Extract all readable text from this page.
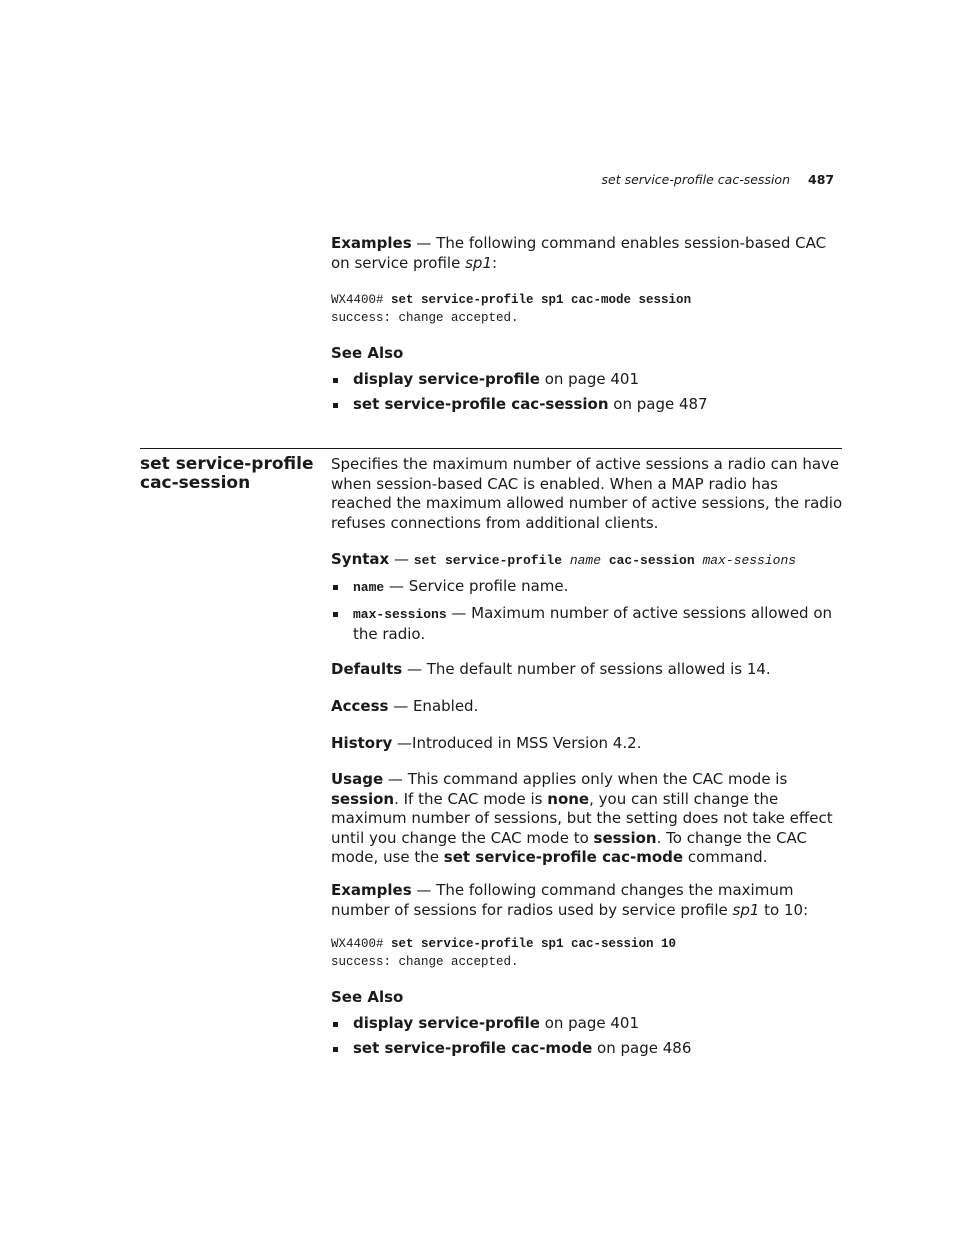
set service-profile cac-session 487
Examples — The following command enables session-based CAC on service profile sp1:
WX4400# set service-profile sp1 cac-mode session
success: change accepted.
See Also
display service-profile on page 401
set service-profile cac-session on page 487
set service-profile cac-session
Specifies the maximum number of active sessions a radio can have when session-based CAC is enabled. When a MAP radio has reached the maximum allowed number of active sessions, the radio refuses connections from additional clients.
Syntax — set service-profile name cac-session max-sessions
name — Service profile name.
max-sessions — Maximum number of active sessions allowed on the radio.
Defaults — The default number of sessions allowed is 14.
Access — Enabled.
History —Introduced in MSS Version 4.2.
Usage — This command applies only when the CAC mode is session. If the CAC mode is none, you can still change the maximum number of sessions, but the setting does not take effect until you change the CAC mode to session. To change the CAC mode, use the set service-profile cac-mode command.
Examples — The following command changes the maximum number of sessions for radios used by service profile sp1 to 10:
WX4400# set service-profile sp1 cac-session 10
success: change accepted.
See Also
display service-profile on page 401
set service-profile cac-mode on page 486
